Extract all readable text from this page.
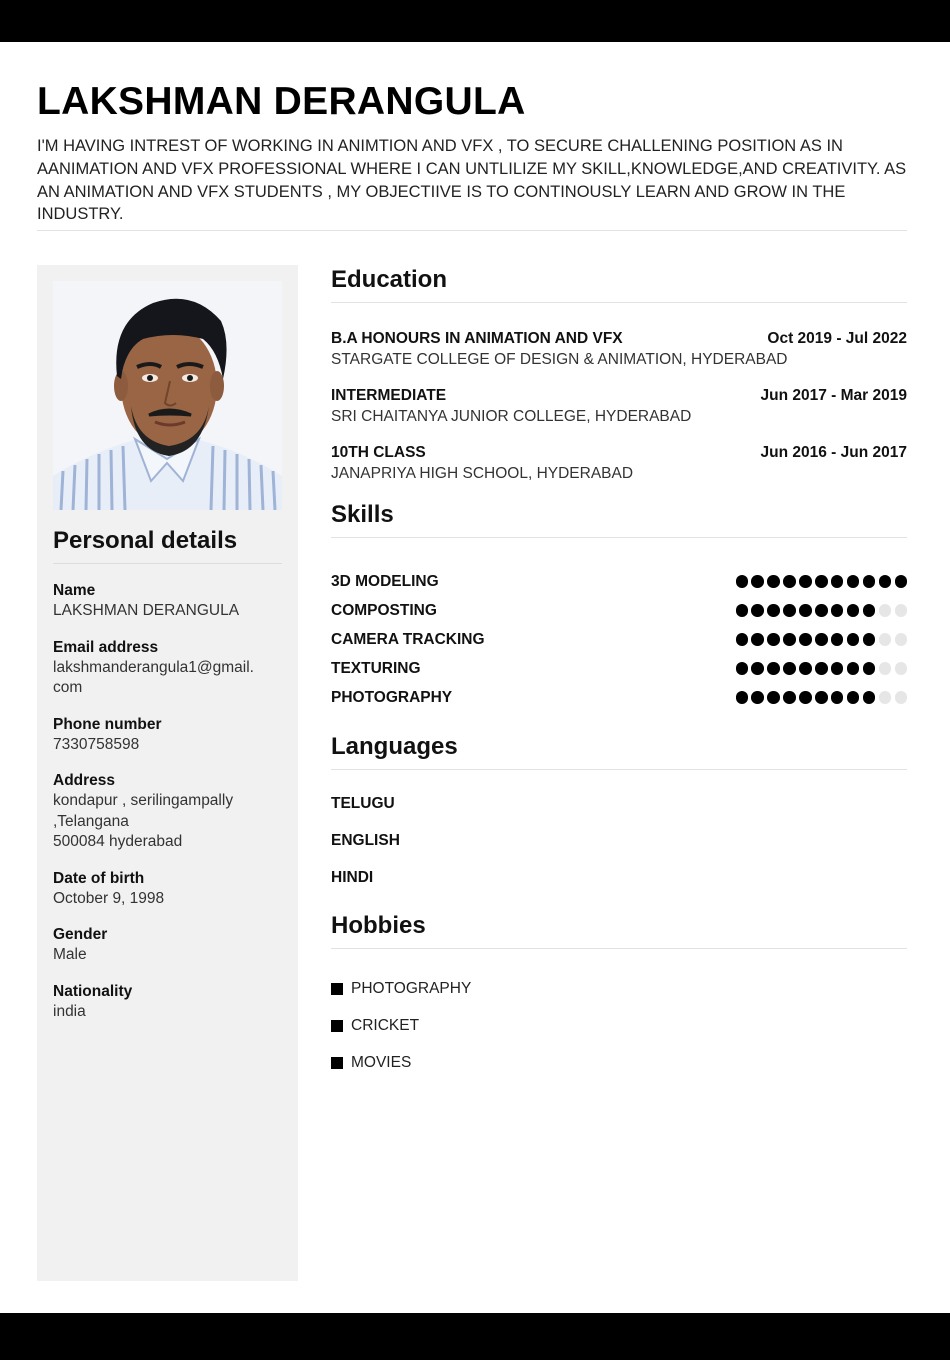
LAKSHMAN DERANGULA
I'M HAVING INTREST OF WORKING IN ANIMTION AND VFX , TO SECURE CHALLENING POSITION AS IN AANIMATION AND VFX PROFESSIONAL WHERE I CAN UNTLILIZE MY SKILL,KNOWLEDGE,AND CREATIVITY. AS AN ANIMATION AND VFX STUDENTS , MY OBJECTIIVE IS TO CONTINOUSLY LEARN AND GROW IN THE INDUSTRY.
Personal details
Name
LAKSHMAN DERANGULA
Email address
lakshmanderangula1@gmail.
com
Phone number
7330758598
Address
kondapur , serilingampally
,Telangana
500084 hyderabad
Date of birth
October 9, 1998
Gender
Male
Nationality
india
Education
B.A HONOURS IN ANIMATION AND VFX	Oct 2019 - Jul 2022
STARGATE COLLEGE OF DESIGN & ANIMATION, HYDERABAD
INTERMEDIATE	Jun 2017 - Mar 2019
SRI CHAITANYA JUNIOR COLLEGE, HYDERABAD
10TH CLASS	Jun 2016 - Jun 2017
JANAPRIYA HIGH SCHOOL, HYDERABAD
Skills
3D MODELING
COMPOSTING
CAMERA TRACKING
TEXTURING
PHOTOGRAPHY
Languages
TELUGU
ENGLISH
HINDI
Hobbies
PHOTOGRAPHY
CRICKET
MOVIES
